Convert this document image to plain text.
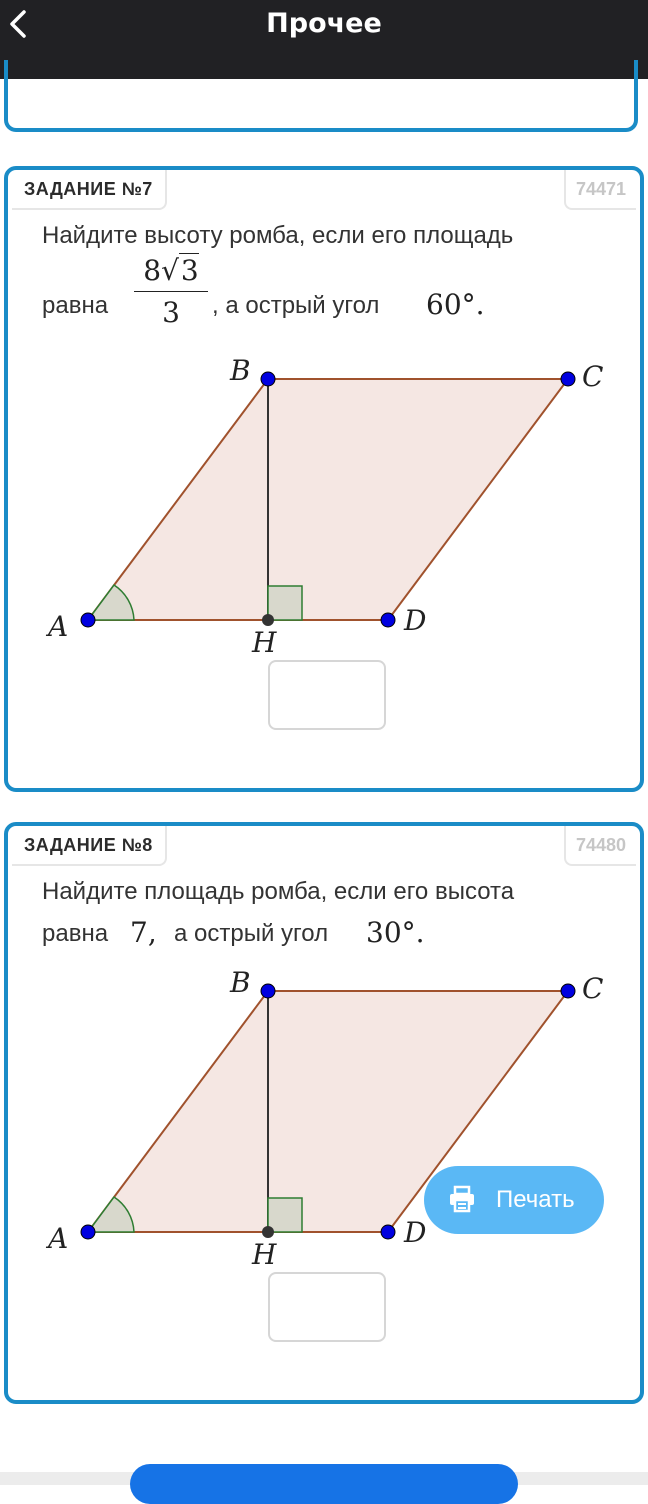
Прочее
ЗАДАНИЕ №7	74471
Найдите высоту ромба, если его площадь
равна
8√3
3	, а острый угол 60°.
A
B	C
D
H
ЗАДАНИЕ №8	74480
Найдите площадь ромба, если его высота
равна 7, а острый угол 30°.
A
B	C
D
H
Печать
